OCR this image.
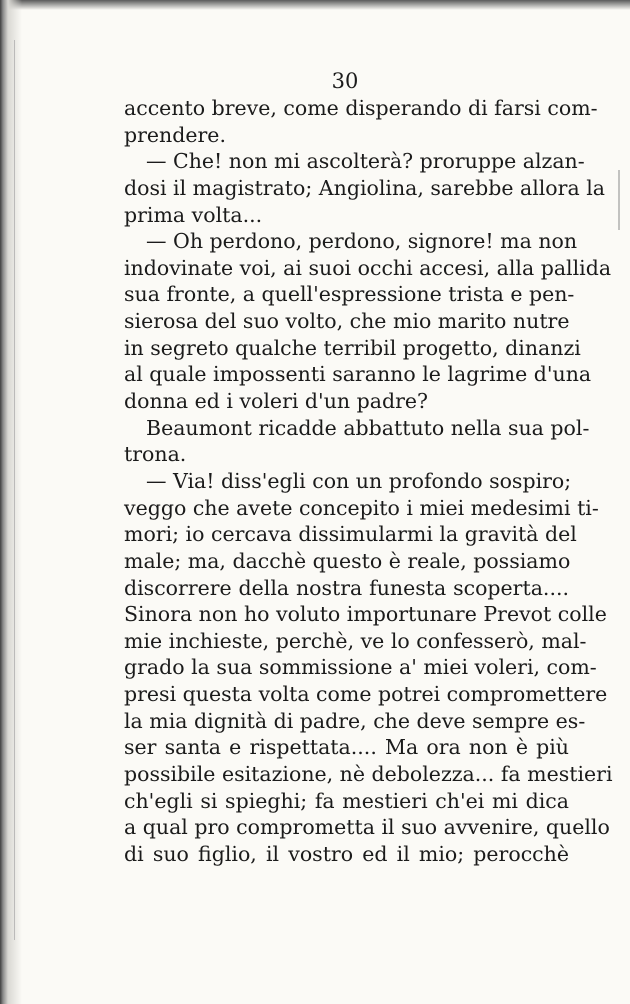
30
accento breve, come disperando di farsi com-
prendere.
— Che! non mi ascolterà? proruppe alzan-
dosi il magistrato; Angiolina, sarebbe allora la
prima volta...
— Oh perdono, perdono, signore! ma non
indovinate voi, ai suoi occhi accesi, alla pallida
sua fronte, a quell'espressione trista e pen-
sierosa del suo volto, che mio marito nutre
in segreto qualche terribil progetto, dinanzi
al quale impossenti saranno le lagrime d'una
donna ed i voleri d'un padre?
Beaumont ricadde abbattuto nella sua pol-
trona.
— Via! diss'egli con un profondo sospiro;
veggo che avete concepito i miei medesimi ti-
mori; io cercava dissimularmi la gravità del
male; ma, dacchè questo è reale, possiamo
discorrere della nostra funesta scoperta....
Sinora non ho voluto importunare Prevot colle
mie inchieste, perchè, ve lo confesserò, mal-
grado la sua sommissione a' miei voleri, com-
presi questa volta come potrei compromettere
la mia dignità di padre, che deve sempre es-
ser santa e rispettata.... Ma ora non è più
possibile esitazione, nè debolezza... fa mestieri
ch'egli si spieghi; fa mestieri ch'ei mi dica
a qual pro comprometta il suo avvenire, quello
di suo figlio, il vostro ed il mio; perocchè
